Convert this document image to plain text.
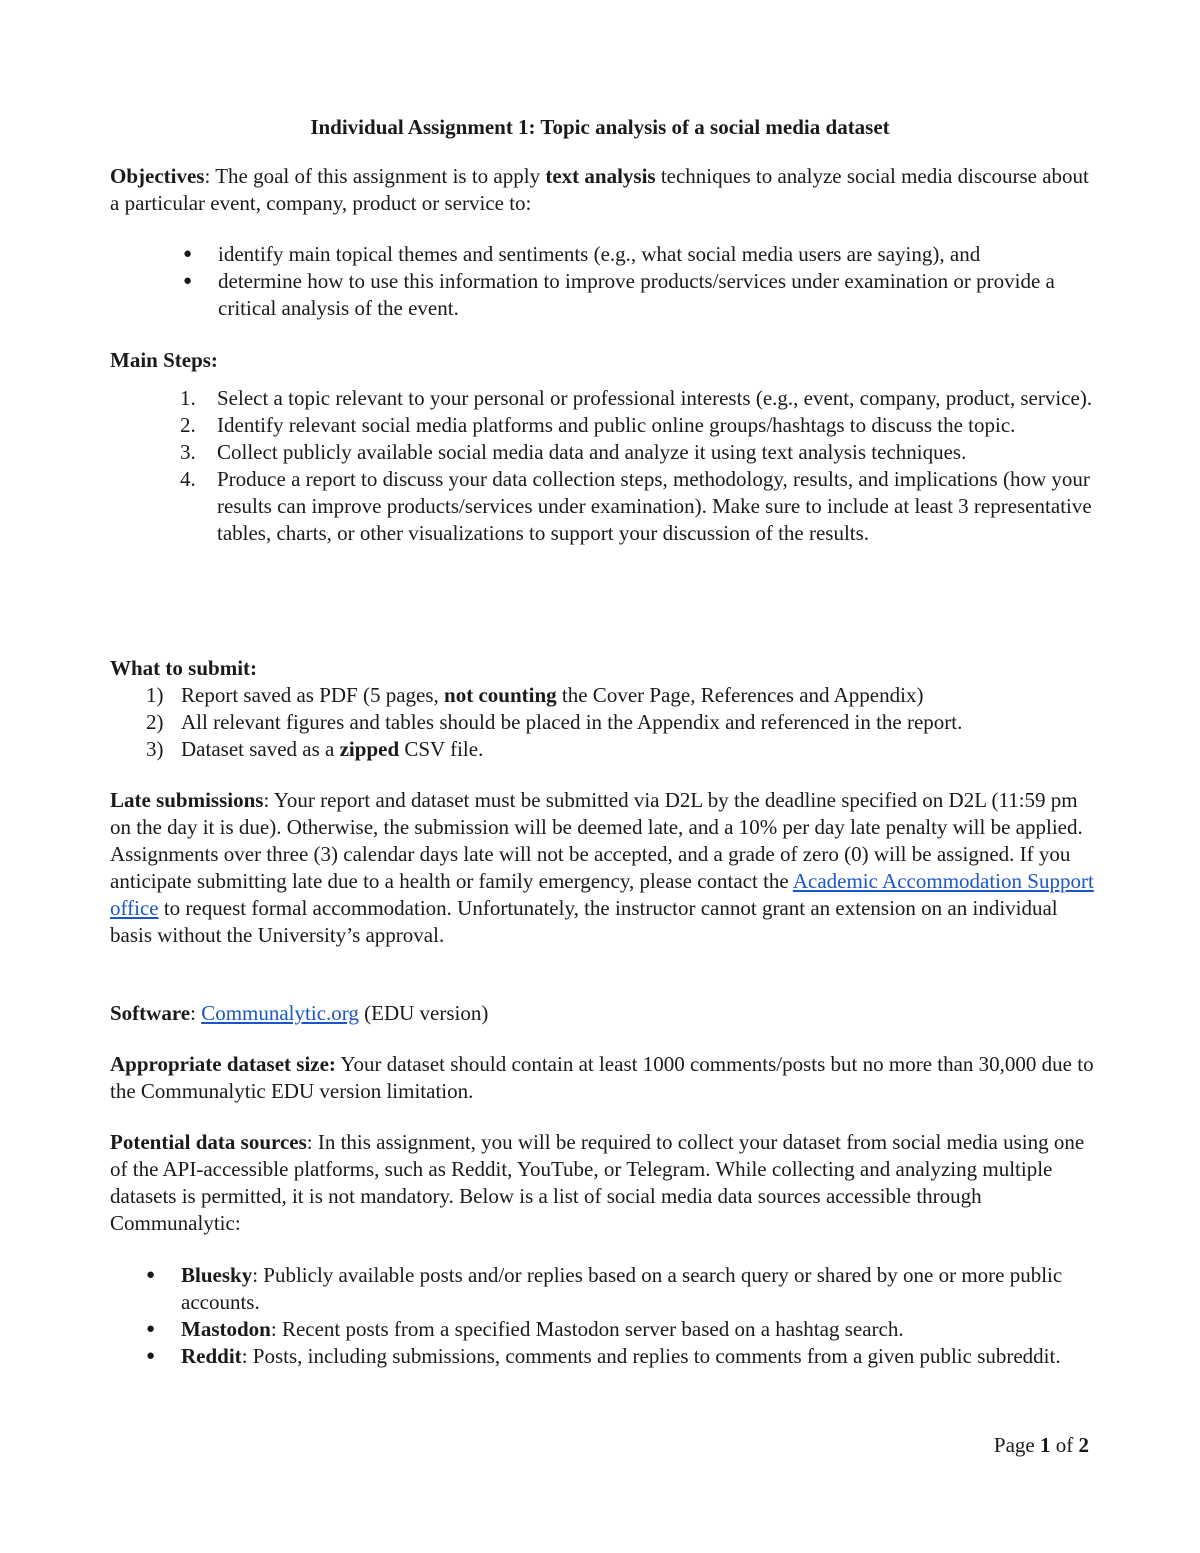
Individual Assignment 1: Topic analysis of a social media dataset

Objectives: The goal of this assignment is to apply text analysis techniques to analyze social media discourse about a particular event, company, product or service to:

● identify main topical themes and sentiments (e.g., what social media users are saying), and
● determine how to use this information to improve products/services under examination or provide a critical analysis of the event.
Main Steps:
1. Select a topic relevant to your personal or professional interests (e.g., event, company, product, service).
2. Identify relevant social media platforms and public online groups/hashtags to discuss the topic.
3. Collect publicly available social media data and analyze it using text analysis techniques.
4. Produce a report to discuss your data collection steps, methodology, results, and implications (how your results can improve products/services under examination). Make sure to include at least 3 representative tables, charts, or other visualizations to support your discussion of the results.
What to submit:
1) Report saved as PDF (5 pages, not counting the Cover Page, References and Appendix)
2) All relevant figures and tables should be placed in the Appendix and referenced in the report.
3) Dataset saved as a zipped CSV file.

Late submissions: Your report and dataset must be submitted via D2L by the deadline specified on D2L (11:59 pm on the day it is due). Otherwise, the submission will be deemed late, and a 10% per day late penalty will be applied. Assignments over three (3) calendar days late will not be accepted, and a grade of zero (0) will be assigned. If you anticipate submitting late due to a health or family emergency, please contact the Academic Accommodation Support office to request formal accommodation. Unfortunately, the instructor cannot grant an extension on an individual basis without the University’s approval.

Software: Communalytic.org (EDU version)

Appropriate dataset size: Your dataset should contain at least 1000 comments/posts but no more than 30,000 due to the Communalytic EDU version limitation.

Potential data sources: In this assignment, you will be required to collect your dataset from social media using one of the API-accessible platforms, such as Reddit, YouTube, or Telegram. While collecting and analyzing multiple datasets is permitted, it is not mandatory. Below is a list of social media data sources accessible through Communalytic:

● Bluesky: Publicly available posts and/or replies based on a search query or shared by one or more public accounts.
● Mastodon: Recent posts from a specified Mastodon server based on a hashtag search.
● Reddit: Posts, including submissions, comments and replies to comments from a given public subreddit.
Page 1 of 2
